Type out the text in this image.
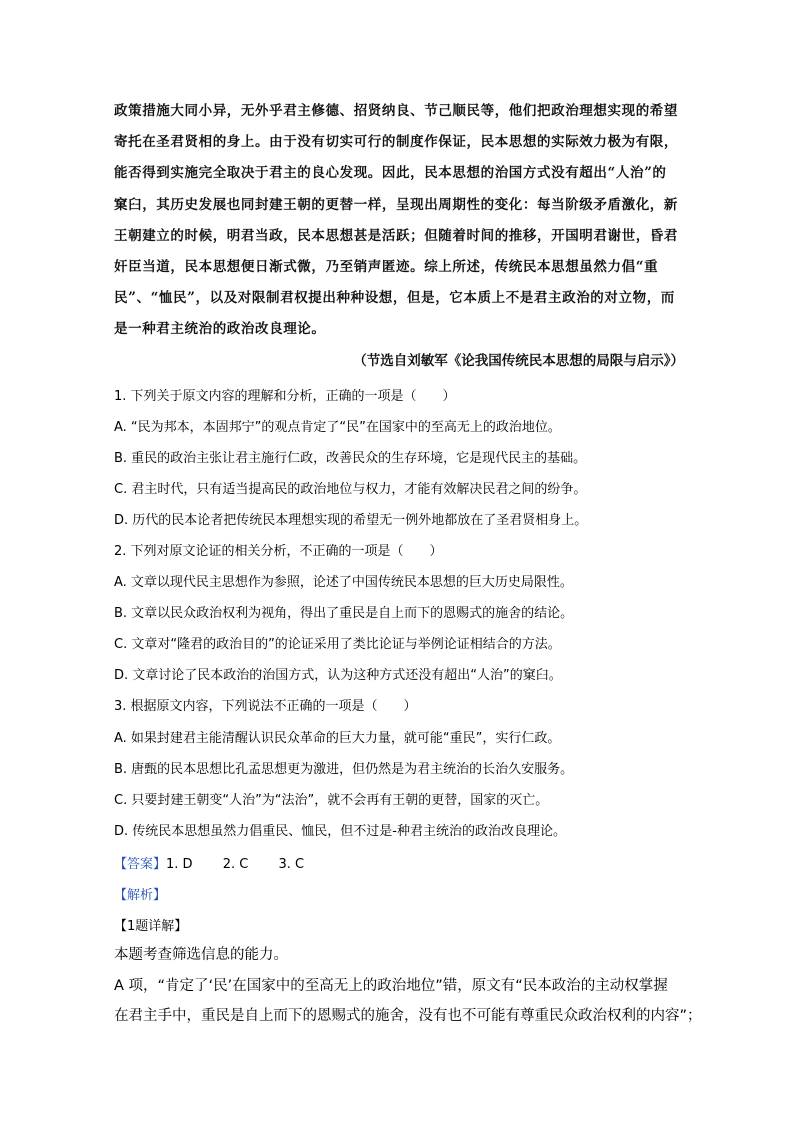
政策措施大同小异，无外乎君主修德、招贤纳良、节己顺民等，他们把政治理想实现的希望
寄托在圣君贤相的身上。由于没有切实可行的制度作保证，民本思想的实际效力极为有限，
能否得到实施完全取决于君主的良心发现。因此，民本思想的治国方式没有超出“人治”的
窠臼，其历史发展也同封建王朝的更替一样，呈现出周期性的变化：每当阶级矛盾激化，新
王朝建立的时候，明君当政，民本思想甚是活跃；但随着时间的推移，开国明君谢世，昏君
奸臣当道，民本思想便日渐式微，乃至销声匿迹。综上所述，传统民本思想虽然力倡“重
民”、“恤民”，以及对限制君权提出种种设想，但是，它本质上不是君主政治的对立物，而
是一种君主统治的政治改良理论。
（节选自刘敏军《论我国传统民本思想的局限与启示》）
1. 下列关于原文内容的理解和分析，正确的一项是（　　）
A. “民为邦本，本固邦宁”的观点肯定了“民”在国家中的至高无上的政治地位。
B. 重民的政治主张让君主施行仁政，改善民众的生存环境，它是现代民主的基础。
C. 君主时代，只有适当提高民的政治地位与权力，才能有效解决民君之间的纷争。
D. 历代的民本论者把传统民本理想实现的希望无一例外地都放在了圣君贤相身上。
2. 下列对原文论证的相关分析，不正确的一项是（　　）
A. 文章以现代民主思想作为参照，论述了中国传统民本思想的巨大历史局限性。
B. 文章以民众政治权利为视角，得出了重民是自上而下的恩赐式的施舍的结论。
C. 文章对“隆君的政治目的”的论证采用了类比论证与举例论证相结合的方法。
D. 文章讨论了民本政治的治国方式，认为这种方式还没有超出“人治”的窠臼。
3. 根据原文内容，下列说法不正确的一项是（　　）
A. 如果封建君主能清醒认识民众革命的巨大力量，就可能“重民”，实行仁政。
B. 唐甄的民本思想比孔孟思想更为激进，但仍然是为君主统治的长治久安服务。
C. 只要封建王朝变“人治”为“法治”，就不会再有王朝的更替，国家的灭亡。
D. 传统民本思想虽然力倡重民、恤民，但不过是-种君主统治的政治改良理论。
【答案】1. D　　 2. C　　 3. C
【解析】
【1题详解】
本题考查筛选信息的能力。
A 项，“肯定了‘民’在国家中的至高无上的政治地位”错，原文有“民本政治的主动权掌握
在君主手中，重民是自上而下的恩赐式的施舍，没有也不可能有尊重民众政治权利的内容”；
